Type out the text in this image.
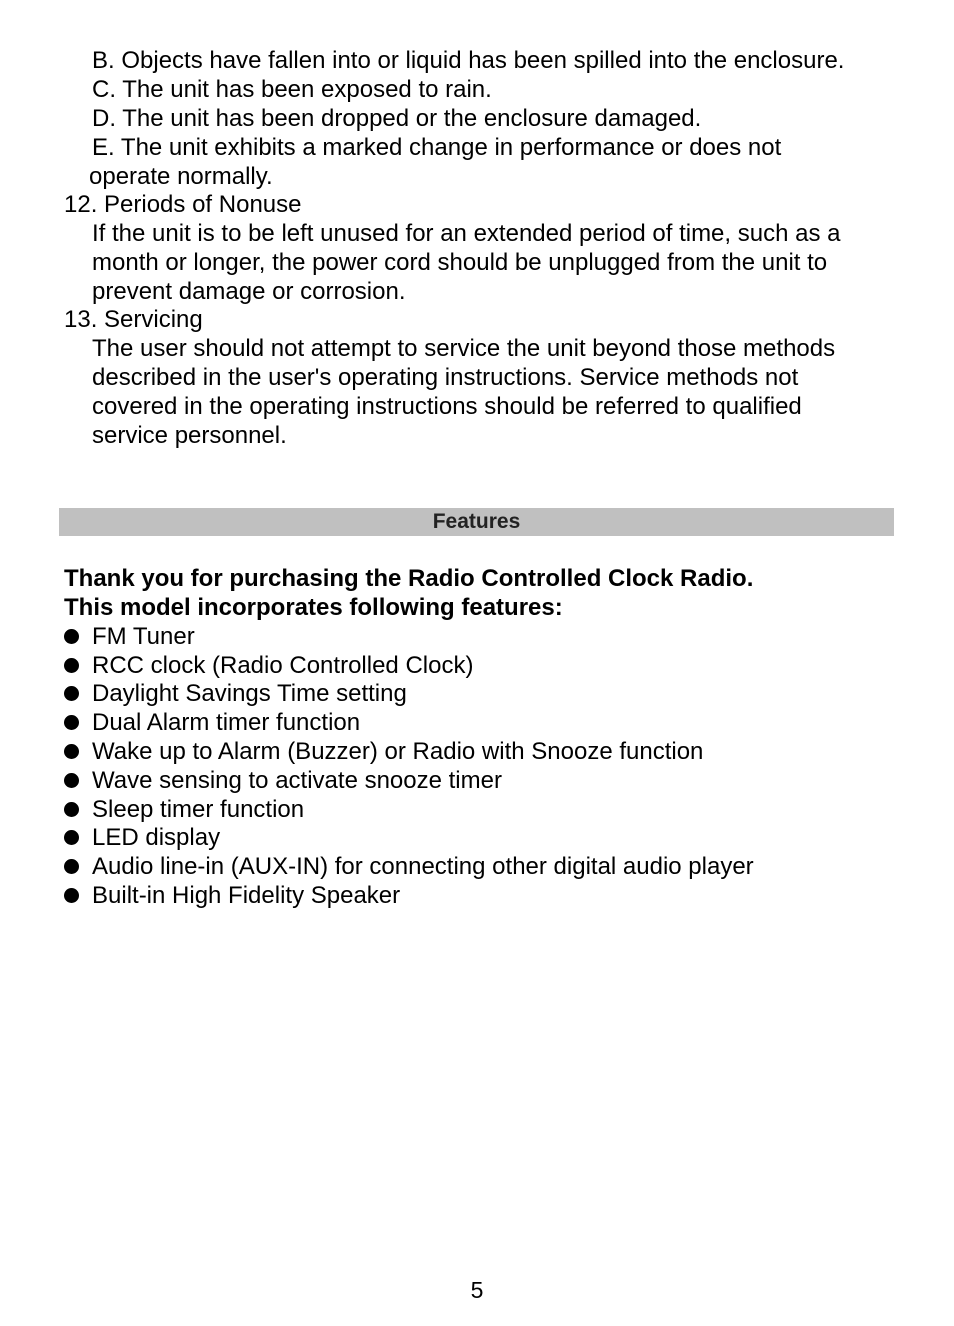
B. Objects have fallen into or liquid has been spilled into the enclosure.
C. The unit has been exposed to rain.
D. The unit has been dropped or the enclosure damaged.
E. The unit exhibits a marked change in performance or does not
operate normally.
12. Periods of Nonuse
If the unit is to be left unused for an extended period of time, such as a
month or longer, the power cord should be unplugged from the unit to
prevent damage or corrosion.
13. Servicing
The user should not attempt to service the unit beyond those methods
described in the user's operating instructions. Service methods not
covered in the operating instructions should be referred to qualified
service personnel.
Features
Thank you for purchasing the Radio Controlled Clock Radio.
This model incorporates following features:
FM Tuner
RCC clock (Radio Controlled Clock)
Daylight Savings Time setting
Dual Alarm timer function
Wake up to Alarm (Buzzer) or Radio with Snooze function
Wave sensing to activate snooze timer
Sleep timer function
LED display
Audio line-in (AUX-IN) for connecting other digital audio player
Built-in High Fidelity Speaker
5
